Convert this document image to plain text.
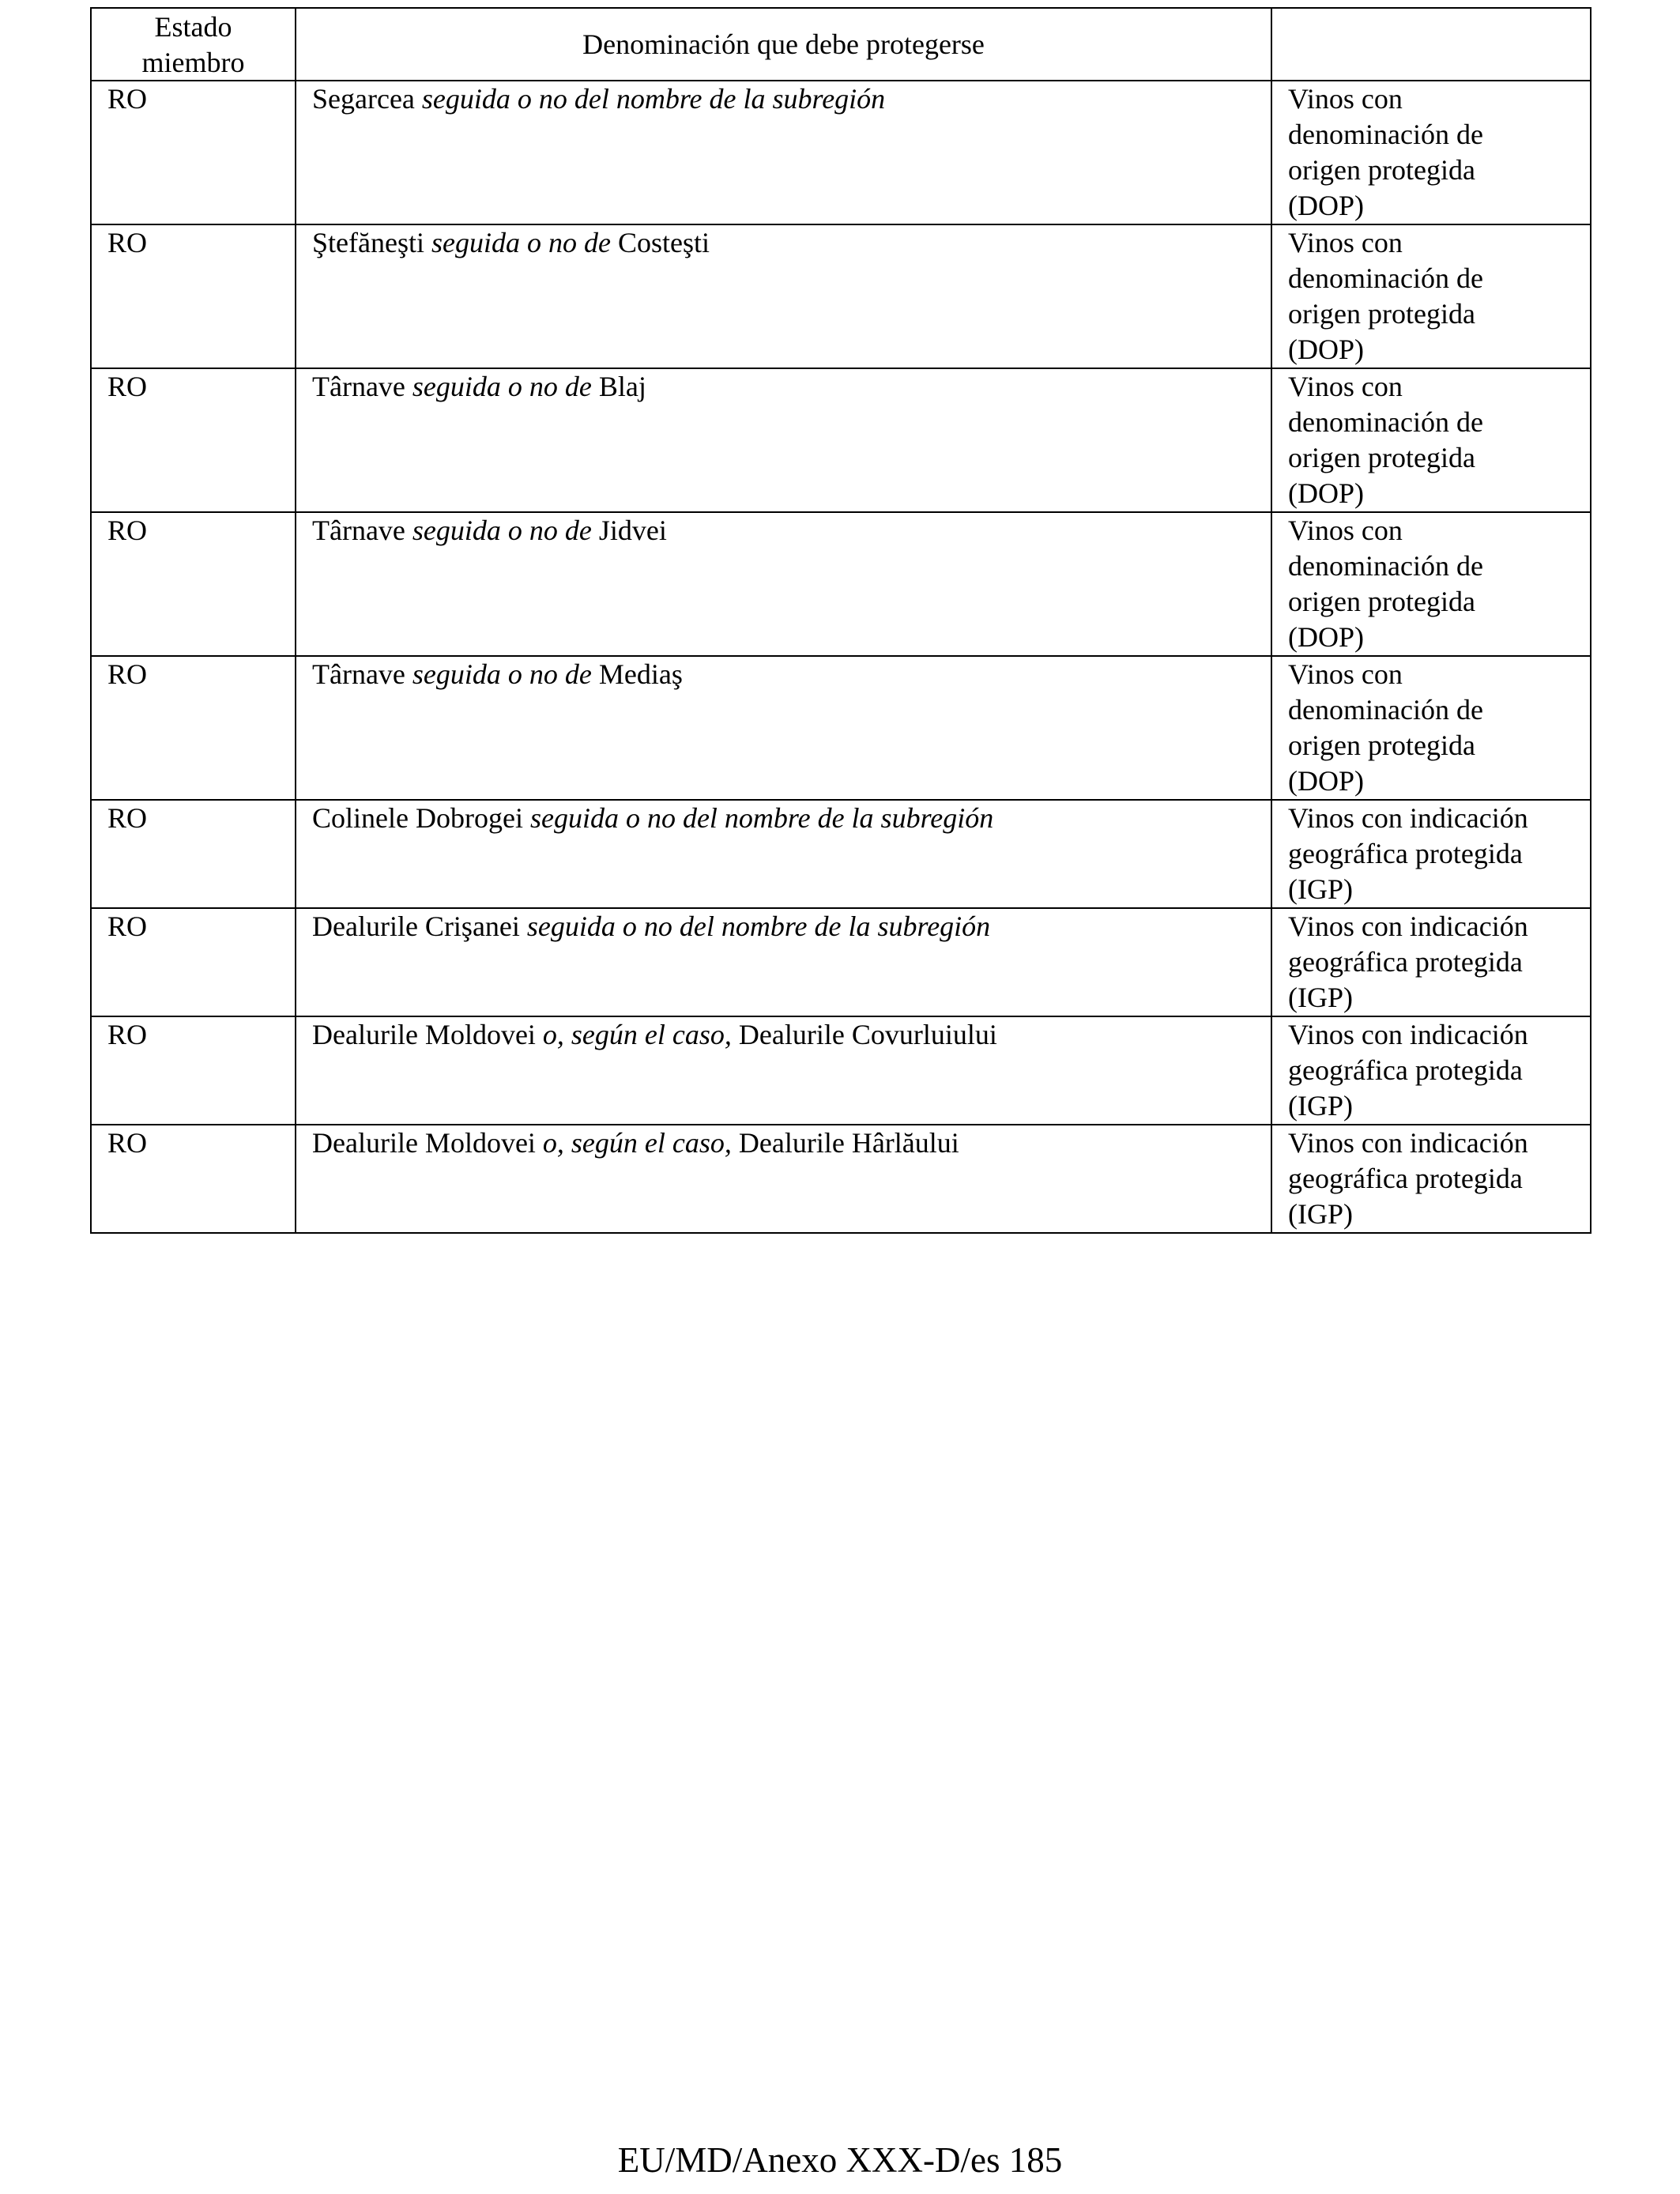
Estado
miembro	Denominación que debe protegerse	
RO	Segarcea seguida o no del nombre de la subregión	Vinos con
denominación de
origen protegida
(DOP)

RO	Ştefăneşti seguida o no de Costeşti	Vinos con
denominación de
origen protegida
(DOP)

RO	Târnave seguida o no de Blaj	Vinos con
denominación de
origen protegida
(DOP)

RO	Târnave seguida o no de Jidvei	Vinos con
denominación de
origen protegida
(DOP)

RO	Târnave seguida o no de Mediaş	Vinos con
denominación de
origen protegida
(DOP)

RO	Colinele Dobrogei seguida o no del nombre de la subregión	Vinos con indicación
geográfica protegida
(IGP)

RO	Dealurile Crişanei seguida o no del nombre de la subregión	Vinos con indicación
geográfica protegida
(IGP)

RO	Dealurile Moldovei o, según el caso, Dealurile Covurluiului	Vinos con indicación
geográfica protegida
(IGP)

RO	Dealurile Moldovei o, según el caso, Dealurile Hârlăului	Vinos con indicación
geográfica protegida
(IGP)
EU/MD/Anexo XXX-D/es 185
